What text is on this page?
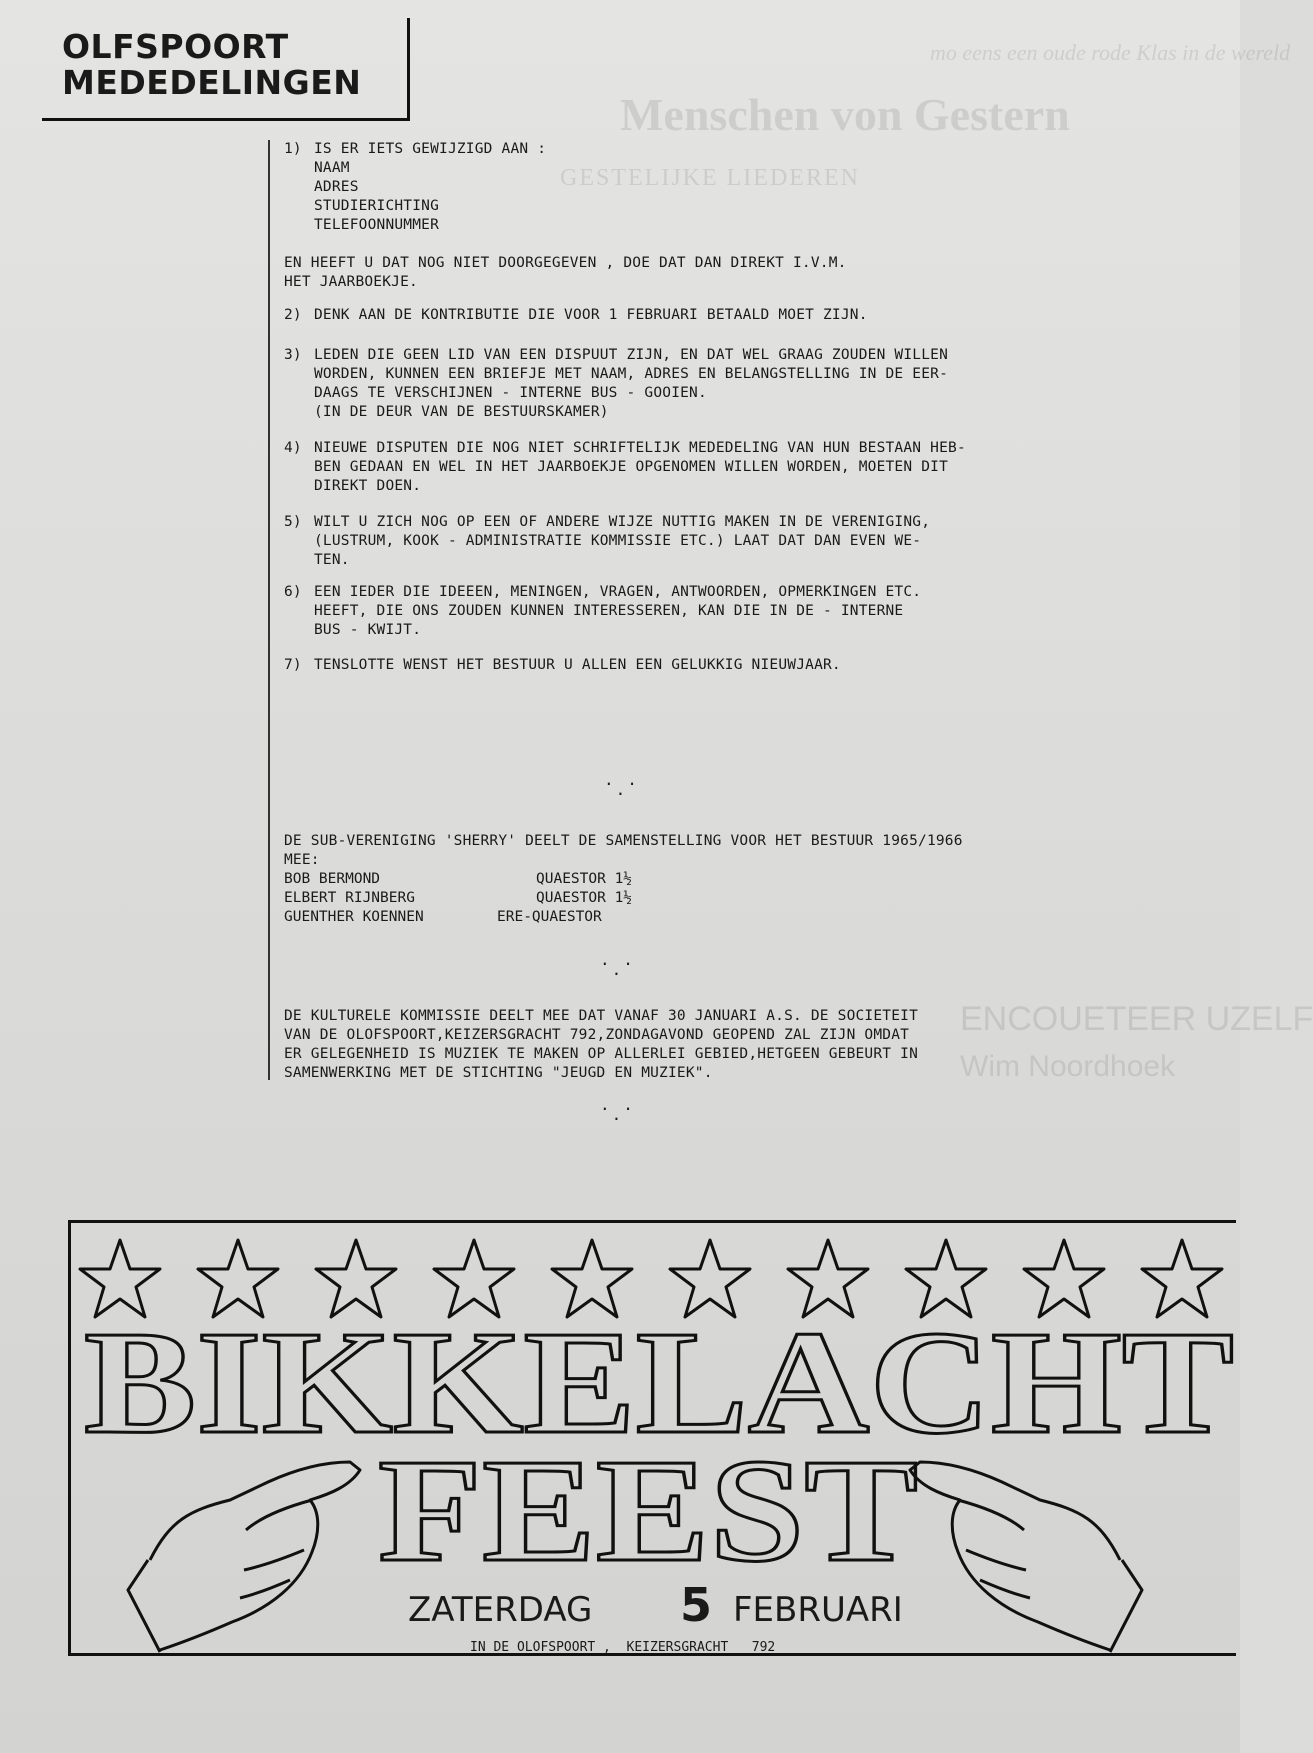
Menschen von Gestern
GESTELIJKE LIEDEREN
mo eens een oude rode Klas in de wereld
ENCOUETEER UZELF
Wim Noordhoek
OLFSPOORT
MEDEDELINGEN
1) IS ER IETS GEWIJZIGD AAN :
NAAM
ADRES
STUDIERICHTING
TELEFOONNUMMER
EN HEEFT U DAT NOG NIET DOORGEGEVEN , DOE DAT DAN DIREKT I.V.M.
HET JAARBOEKJE.
2) DENK AAN DE KONTRIBUTIE DIE VOOR 1 FEBRUARI BETAALD MOET ZIJN.
3) LEDEN DIE GEEN LID VAN EEN DISPUUT ZIJN, EN DAT WEL GRAAG ZOUDEN WILLEN
WORDEN, KUNNEN EEN BRIEFJE MET NAAM, ADRES EN BELANGSTELLING IN DE EER-
DAAGS TE VERSCHIJNEN - INTERNE BUS - GOOIEN.
(IN DE DEUR VAN DE BESTUURSKAMER)
4) NIEUWE DISPUTEN DIE NOG NIET SCHRIFTELIJK MEDEDELING VAN HUN BESTAAN HEB-
BEN GEDAAN EN WEL IN HET JAARBOEKJE OPGENOMEN WILLEN WORDEN, MOETEN DIT
DIREKT DOEN.
5) WILT U ZICH NOG OP EEN OF ANDERE WIJZE NUTTIG MAKEN IN DE VERENIGING,
(LUSTRUM, KOOK - ADMINISTRATIE KOMMISSIE ETC.) LAAT DAT DAN EVEN WE-
TEN.
6) EEN IEDER DIE IDEEEN, MENINGEN, VRAGEN, ANTWOORDEN, OPMERKINGEN ETC.
HEEFT, DIE ONS ZOUDEN KUNNEN INTERESSEREN, KAN DIE IN DE - INTERNE
BUS - KWIJT.
7) TENSLOTTE WENST HET BESTUUR U ALLEN EEN GELUKKIG NIEUWJAAR.
. .
.
DE SUB-VERENIGING 'SHERRY' DEELT DE SAMENSTELLING VOOR HET BESTUUR 1965/1966
MEE:
BOB BERMOND	QUAESTOR 1½
ELBERT RIJNBERG	QUAESTOR 1½
GUENTHER KOENNEN	ERE-QUAESTOR
. .
.
DE KULTURELE KOMMISSIE DEELT MEE DAT VANAF 30 JANUARI A.S. DE SOCIETEIT
VAN DE OLOFSPOORT,KEIZERSGRACHT 792,ZONDAGAVOND GEOPEND ZAL ZIJN OMDAT
ER GELEGENHEID IS MUZIEK TE MAKEN OP ALLERLEI GEBIED,HETGEEN GEBEURT IN
SAMENWERKING MET DE STICHTING "JEUGD EN MUZIEK".
. .
.
BIKKELACHT
FEEST
ZATERDAG 5 FEBRUARI
IN DE OLOFSPOORT ,  KEIZERSGRACHT   792
